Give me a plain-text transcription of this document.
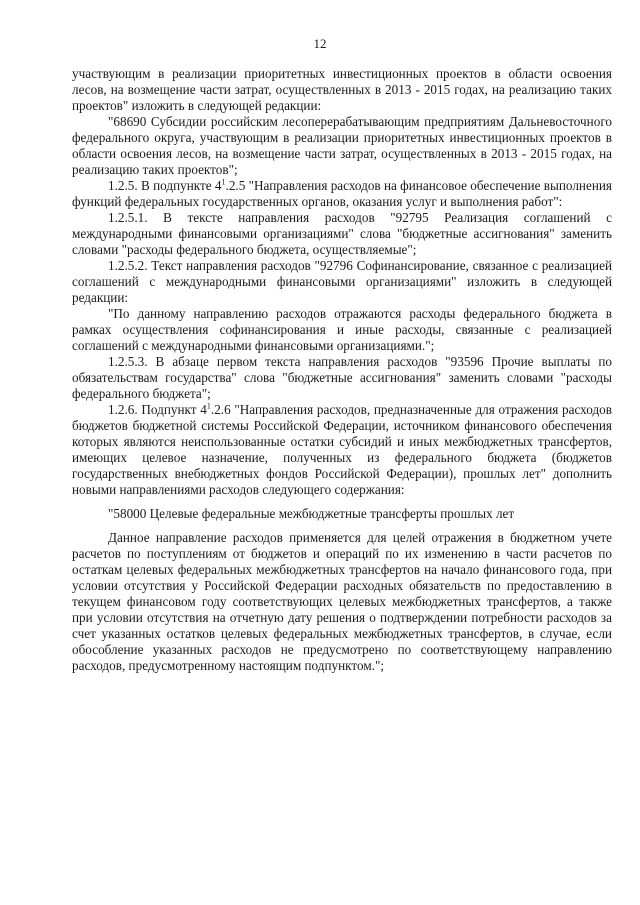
12

участвующим в реализации приоритетных инвестиционных проектов в области освоения лесов, на возмещение части затрат, осуществленных в 2013 - 2015 годах, на реализацию таких проектов" изложить в следующей редакции:

"68690 Субсидии российским лесоперерабатывающим предприятиям Дальневосточного федерального округа, участвующим в реализации приоритетных инвестиционных проектов в области освоения лесов, на возмещение части затрат, осуществленных в 2013 - 2015 годах, на реализацию таких проектов";

1.2.5. В подпункте $4^1.2.5$ "Направления расходов на финансовое обеспечение выполнения функций федеральных государственных органов, оказания услуг и выполнения работ":

1.2.5.1. В тексте направления расходов "92795 Реализация соглашений с международными финансовыми организациями" слова "бюджетные ассигнования" заменить словами "расходы федерального бюджета, осуществляемые";

1.2.5.2. Текст направления расходов "92796 Софинансирование, связанное с реализацией соглашений с международными финансовыми организациями" изложить в следующей редакции:

"По данному направлению расходов отражаются расходы федерального бюджета в рамках осуществления софинансирования и иные расходы, связанные с реализацией соглашений с международными финансовыми организациями.";

1.2.5.3. В абзаце первом текста направления расходов "93596 Прочие выплаты по обязательствам государства" слова "бюджетные ассигнования" заменить словами "расходы федерального бюджета";

1.2.6. Подпункт $4^1.2.6$ "Направления расходов, предназначенные для отражения расходов бюджетов бюджетной системы Российской Федерации, источником финансового обеспечения которых являются неиспользованные остатки субсидий и иных межбюджетных трансфертов, имеющих целевое назначение, полученных из федерального бюджета (бюджетов государственных внебюджетных фондов Российской Федерации), прошлых лет" дополнить новыми направлениями расходов следующего содержания:

"58000 Целевые федеральные межбюджетные трансферты прошлых лет

Данное направление расходов применяется для целей отражения в бюджетном учете расчетов по поступлениям от бюджетов и операций по их изменению в части расчетов по остаткам целевых федеральных межбюджетных трансфертов на начало финансового года, при условии отсутствия у Российской Федерации расходных обязательств по предоставлению в текущем финансовом году соответствующих целевых межбюджетных трансфертов, а также при условии отсутствия на отчетную дату решения о подтверждении потребности расходов за счет указанных остатков целевых федеральных межбюджетных трансфертов, в случае, если обособление указанных расходов не предусмотрено по соответствующему направлению расходов, предусмотренному настоящим подпунктом.";
